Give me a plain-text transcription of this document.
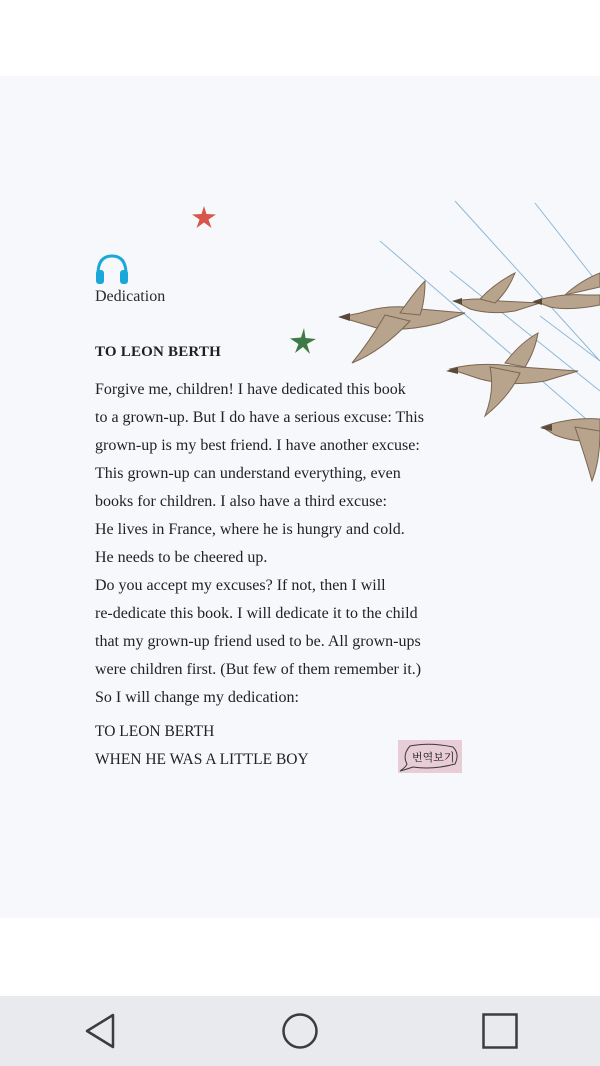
Dedication
TO LEON BERTH
Forgive me, children! I have dedicated this book
to a grown-up. But I do have a serious excuse: This
grown-up is my best friend. I have another excuse:
This grown-up can understand everything, even
books for children. I also have a third excuse:
He lives in France, where he is hungry and cold.
He needs to be cheered up.
Do you accept my excuses? If not, then I will
re-dedicate this book. I will dedicate it to the child
that my grown-up friend used to be. All grown-ups
were children first. (But few of them remember it.)
So I will change my dedication:
TO LEON BERTH
WHEN HE WAS A LITTLE BOY	번역보기
